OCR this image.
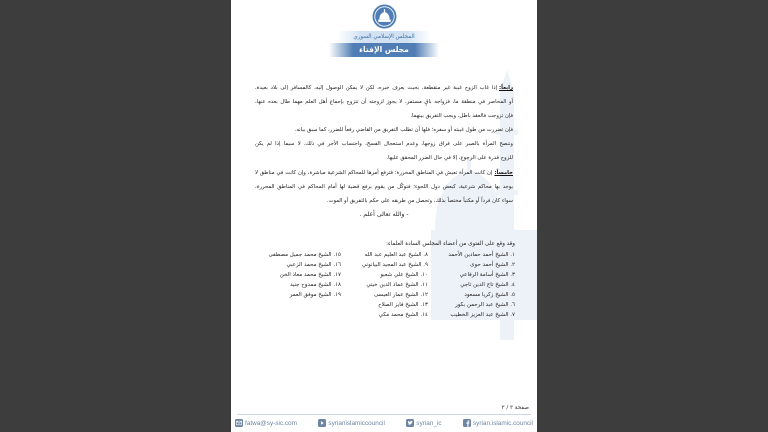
المجلس الإسلامي السوري
مجلس الإفتاء
رابعاً:إذا غاب الزوج غيبة غير منقطعة، بحيث يعرف خبره، لكن لا يمكن الوصول إليه، كالمسافر إلى بلاد بعيدة،
أو المحاصر في منطقة ما، فزواجه باقٍ مستمر، لا يجوز لزوجته أن تتزوج بإجماع أهل العلم مهما طال بعده عنها،
فإن تزوجت فالعقد باطل، ويجب التفريق بينهما.
فإن تضررت من طول غيبته أو سفره؛ فلها أن تطلب التفريق من القاضي رفعاً للضرر، كما سبق بيانه.
وننصح المرأة بالصبر على فراق زوجها، وعدم استعجال الفسخ، واحتساب الأجر في ذلك، لا سيما إذا لم يكن
للزوج قدرة على الرجوع، إلا في حال الضرر المحقق عليها.
خامساً:إن كانت المرأة تعيش في المناطق المحررة؛ فترفع أمرها للمحاكم الشرعية مباشرة، وإن كانت في مناطق لا
يوجد بها محاكم شرعية، كبعض دول اللجوء؛ فتوكّل من يقوم برفع قضية لها أمام المحاكم في المناطق المحررة،
سواء كان فرداً أو مكتباً مختصاً بذلك، وتحصل من طريقه على حكم بالتفريق أو الموت.
- والله تعالى أعلم .
وقد وقع على الفتوى من أعضاء المجلس السادة العلماء:
١. الشيخ أحمد حمادين الأحمد
٢. الشيخ أحمد حوى
٣. الشيخ أسامة الرفاعي
٤. الشيخ تاج الدين تاجي
٥. الشيخ زكريا مسعود
٦. الشيخ عبد الرحمن بكور
٧. الشيخ عبد العزيز الخطيب
٨. الشيخ عبد العليم عبد الله
٩. الشيخ عبد المجيد البيانوني
١٠. الشيخ علي شعبو
١١. الشيخ عماد الدين خيتي
١٢. الشيخ عمار العيسى
١٣. الشيخ فايز الصلاح
١٤. الشيخ محمد مكي
١٥. الشيخ محمد جميل مصطفى
١٦. الشيخ محمد الزعبي
١٧. الشيخ محمد معاذ الخن
١٨. الشيخ ممدوح جنيد
١٩. الشيخ موفق العمر
صفحة ٣ / ٣
fatwa@sy-sic.com	syrianislamiccouncil	syrian_ic	syrian.islamic.council
